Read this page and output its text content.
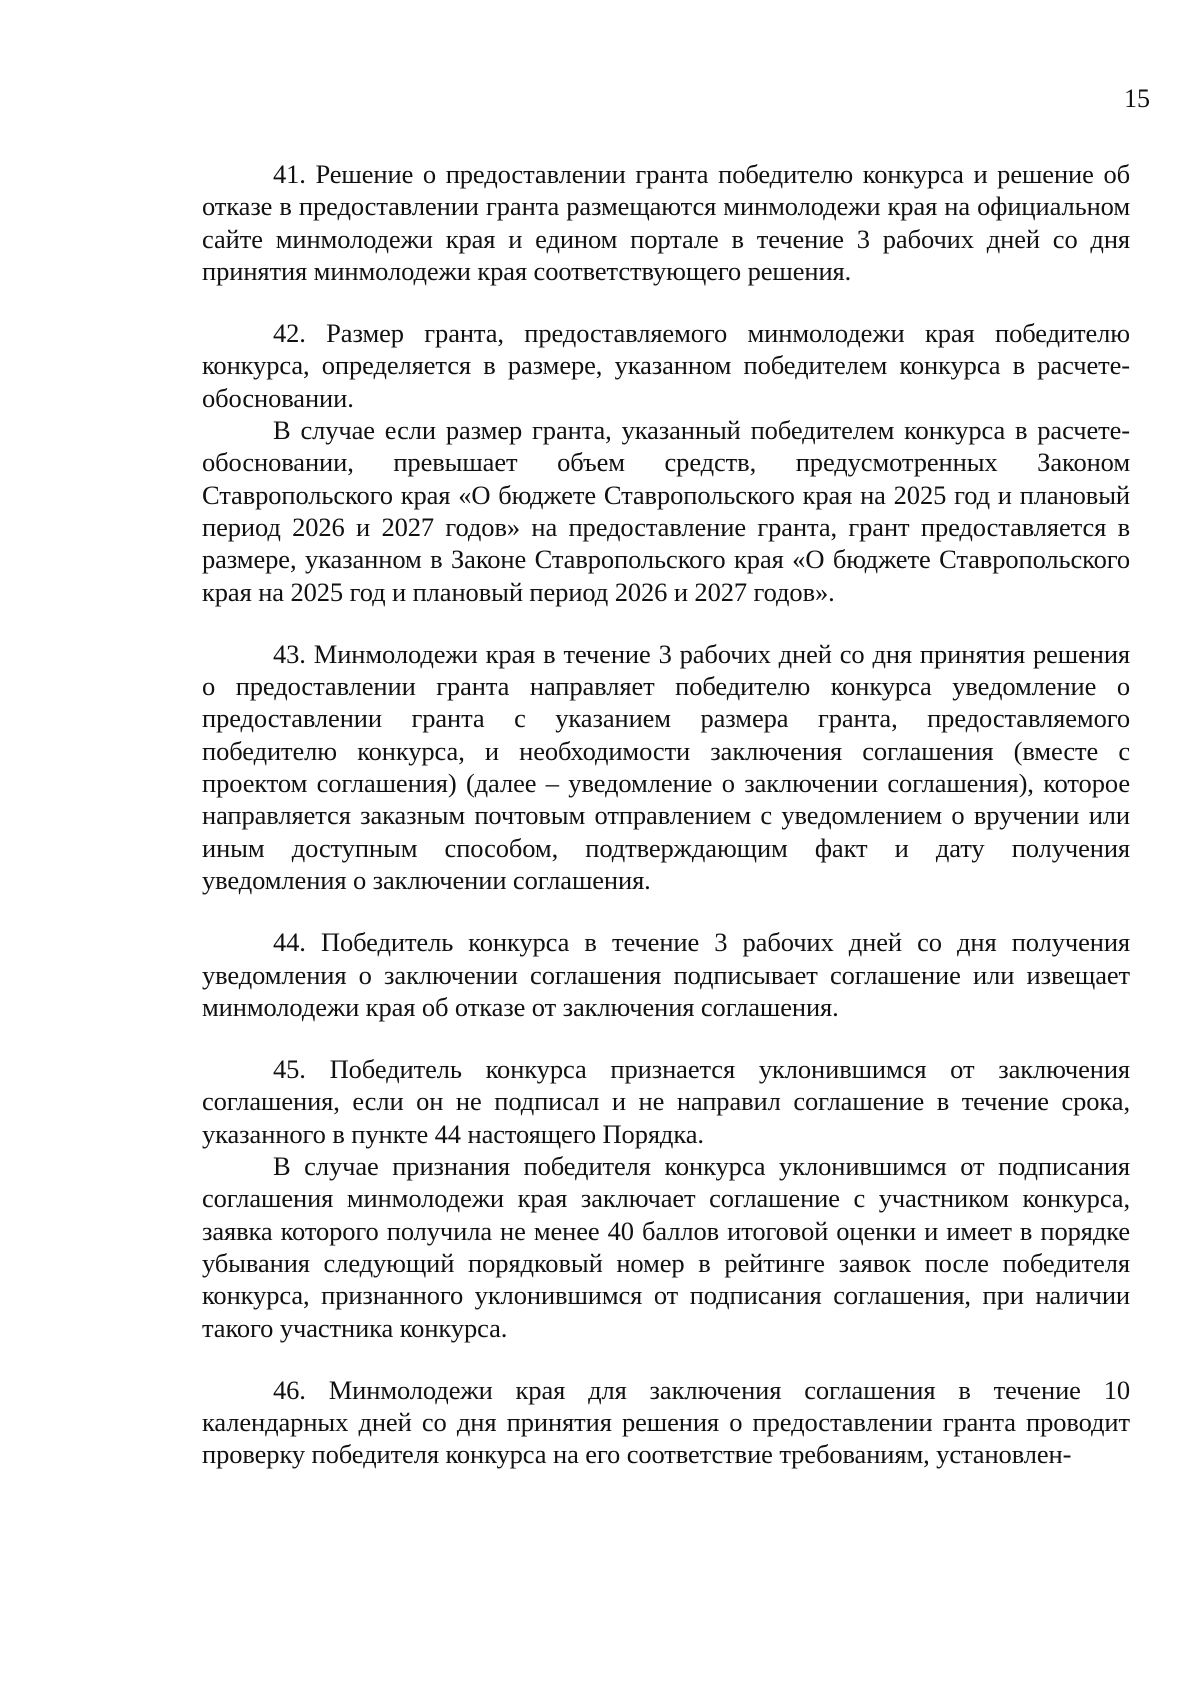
15

41. Решение о предоставлении гранта победителю конкурса и решение об отказе в предоставлении гранта размещаются минмолодежи края на официальном сайте минмолодежи края и едином портале в течение 3 рабочих дней со дня принятия минмолодежи края соответствующего решения.

42. Размер гранта, предоставляемого минмолодежи края победителю конкурса, определяется в размере, указанном победителем конкурса в расчете-обосновании.

В случае если размер гранта, указанный победителем конкурса в расчете-обосновании, превышает объем средств, предусмотренных Законом Ставропольского края «О бюджете Ставропольского края на 2025 год и плановый период 2026 и 2027 годов» на предоставление гранта, грант предоставляется в размере, указанном в Законе Ставропольского края «О бюджете Ставропольского края на 2025 год и плановый период 2026 и 2027 годов».

43. Минмолодежи края в течение 3 рабочих дней со дня принятия решения о предоставлении гранта направляет победителю конкурса уведомление о предоставлении гранта с указанием размера гранта, предоставляемого победителю конкурса, и необходимости заключения соглашения (вместе с проектом соглашения) (далее – уведомление о заключении соглашения), которое направляется заказным почтовым отправлением с уведомлением о вручении или иным доступным способом, подтверждающим факт и дату получения уведомления о заключении соглашения.

44. Победитель конкурса в течение 3 рабочих дней со дня получения уведомления о заключении соглашения подписывает соглашение или извещает минмолодежи края об отказе от заключения соглашения.

45. Победитель конкурса признается уклонившимся от заключения соглашения, если он не подписал и не направил соглашение в течение срока, указанного в пункте 44 настоящего Порядка.

В случае признания победителя конкурса уклонившимся от подписания соглашения минмолодежи края заключает соглашение с участником конкурса, заявка которого получила не менее 40 баллов итоговой оценки и имеет в порядке убывания следующий порядковый номер в рейтинге заявок после победителя конкурса, признанного уклонившимся от подписания соглашения, при наличии такого участника конкурса.

46. Минмолодежи края для заключения соглашения в течение 10 календарных дней со дня принятия решения о предоставлении гранта проводит проверку победителя конкурса на его соответствие требованиям, установлен-
